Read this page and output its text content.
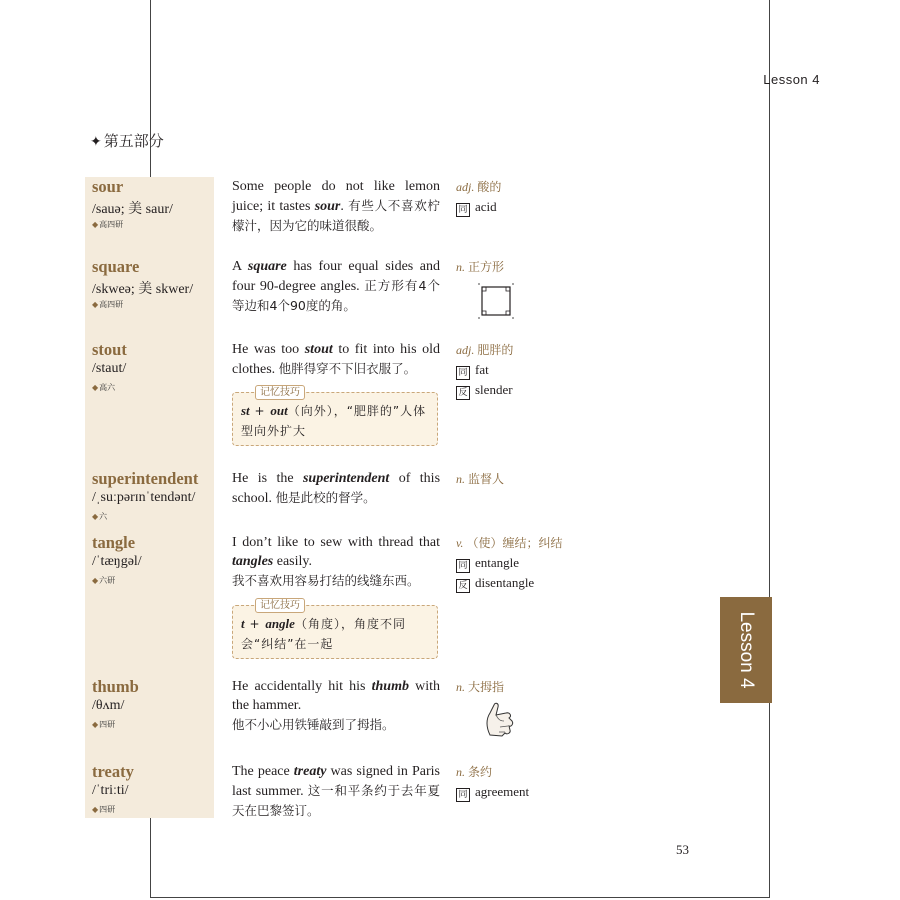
Lesson 4
✦ 第五部分
sour
/sauə; 美 saur/
◆高四研
Some people do not like lemon juice; it tastes sour. 有些人不喜欢柠檬汁，因为它的味道很酸。
adj. 酸的
同 acid
square
/skweə; 美 skwer/
◆高四研
A square has four equal sides and four 90-degree angles. 正方形有4个等边和4个90度的角。
n. 正方形
stout
/staut/
◆高六
He was too stout to fit into his old clothes. 他胖得穿不下旧衣服了。
记忆技巧
st + out（向外），“肥胖的”人体型向外扩大
adj. 肥胖的
同 fat
反 slender
superintendent
/ˌsuːpərɪnˈtendənt/
◆六
He is the superintendent of this school. 他是此校的督学。
n. 监督人
tangle
/ˈtæŋgəl/
◆六研
I don’t like to sew with thread that tangles easily.
我不喜欢用容易打结的线缝东西。
记忆技巧
t + angle（角度），角度不同会“纠结”在一起
v. （使）缠结；纠结
同 entangle
反 disentangle
thumb
/θʌm/
◆四研
He accidentally hit his thumb with the hammer.
他不小心用铁锤敲到了拇指。
n. 大拇指
treaty
/ˈtriːti/
◆四研
The peace treaty was signed in Paris last summer. 这一和平条约于去年夏天在巴黎签订。
n. 条约
同 agreement
Lesson 4
53
